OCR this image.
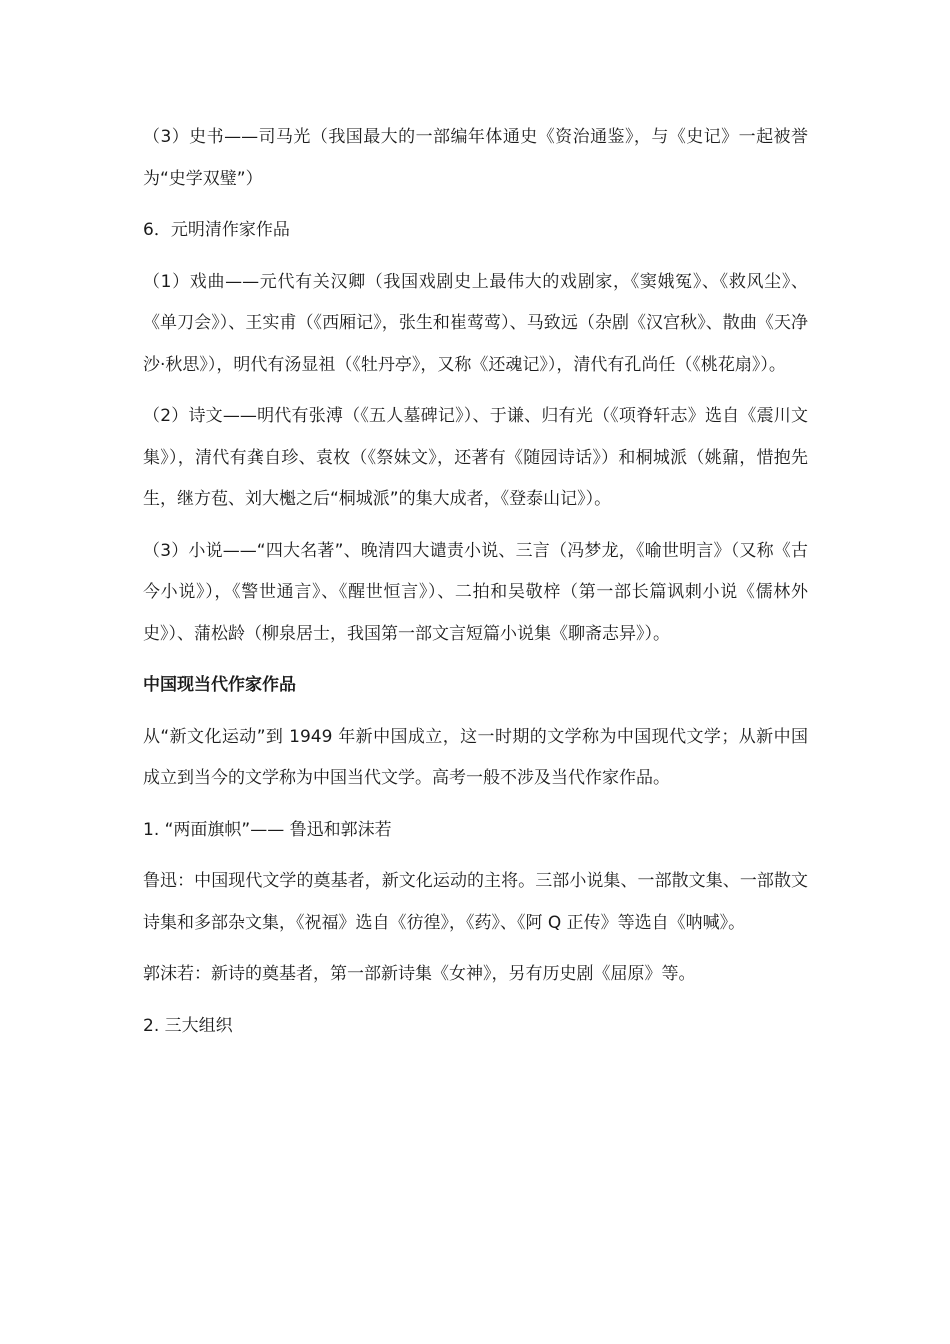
（3）史书——司马光（我国最大的一部编年体通史《资治通鉴》，与《史记》一起被誉为“史学双璧”）

6．元明清作家作品

（1）戏曲——元代有关汉卿（我国戏剧史上最伟大的戏剧家，《窦娥冤》、《救风尘》、《单刀会》）、王实甫（《西厢记》，张生和崔莺莺）、马致远（杂剧《汉宫秋》、散曲《天净沙·秋思》），明代有汤显祖（《牡丹亭》，又称《还魂记》），清代有孔尚任（《桃花扇》）。

（2）诗文——明代有张溥（《五人墓碑记》）、于谦、归有光（《项脊轩志》选自《震川文集》），清代有龚自珍、袁枚（《祭妹文》，还著有《随园诗话》）和桐城派（姚鼐，惜抱先生，继方苞、刘大櫆之后“桐城派”的集大成者，《登泰山记》）。

（3）小说——“四大名著”、晚清四大谴责小说、三言（冯梦龙，《喻世明言》（又称《古今小说》），《警世通言》、《醒世恒言》）、二拍和吴敬梓（第一部长篇讽刺小说《儒林外史》）、蒲松龄（柳泉居士，我国第一部文言短篇小说集《聊斋志异》）。

中国现当代作家作品

从“新文化运动”到 1949 年新中国成立，这一时期的文学称为中国现代文学；从新中国成立到当今的文学称为中国当代文学。高考一般不涉及当代作家作品。

1. “两面旗帜”—— 鲁迅和郭沫若

鲁迅：中国现代文学的奠基者，新文化运动的主将。三部小说集、一部散文集、一部散文诗集和多部杂文集，《祝福》选自《彷徨》，《药》、《阿 Q 正传》等选自《呐喊》。

郭沫若：新诗的奠基者，第一部新诗集《女神》，另有历史剧《屈原》等。

2. 三大组织
